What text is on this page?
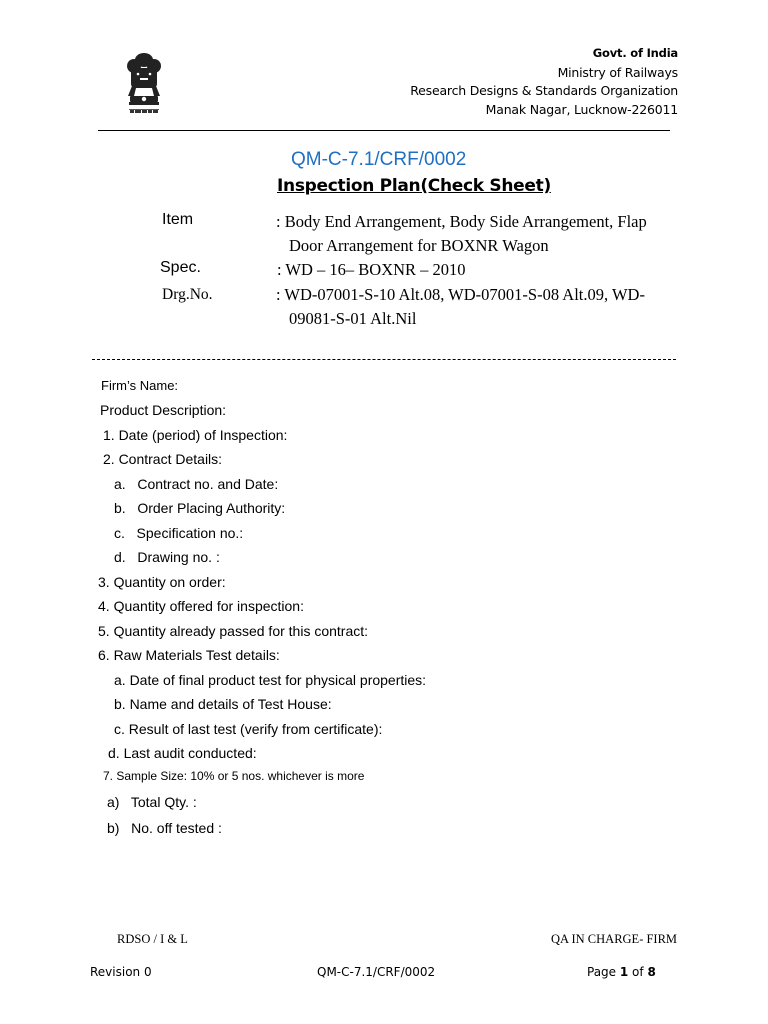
Govt. of India
Ministry of Railways
Research Designs & Standards Organization
Manak Nagar, Lucknow-226011
QM-C-7.1/CRF/0002
Inspection Plan(Check Sheet)
Item	: Body End Arrangement, Body Side Arrangement, Flap
Door Arrangement for BOXNR Wagon
Spec.	: WD – 16– BOXNR – 2010
Drg.No.	: WD-07001-S-10 Alt.08, WD-07001-S-08 Alt.09, WD-
09081-S-01 Alt.Nil
Firm’s Name:
Product Description:
1. Date (period) of Inspection:
2. Contract Details:
a.   Contract no. and Date:
b.   Order Placing Authority:
c.   Specification no.:
d.   Drawing no. :
3. Quantity on order:
4. Quantity offered for inspection:
5. Quantity already passed for this contract:
6. Raw Materials Test details:
a. Date of final product test for physical properties:
b. Name and details of Test House:
c. Result of last test (verify from certificate):
d. Last audit conducted:
7. Sample Size: 10% or 5 nos. whichever is more
a)   Total Qty. :
b)   No. off tested :
RDSO / I & L	QA IN CHARGE- FIRM
Revision 0	QM-C-7.1/CRF/0002	Page 1 of 8
